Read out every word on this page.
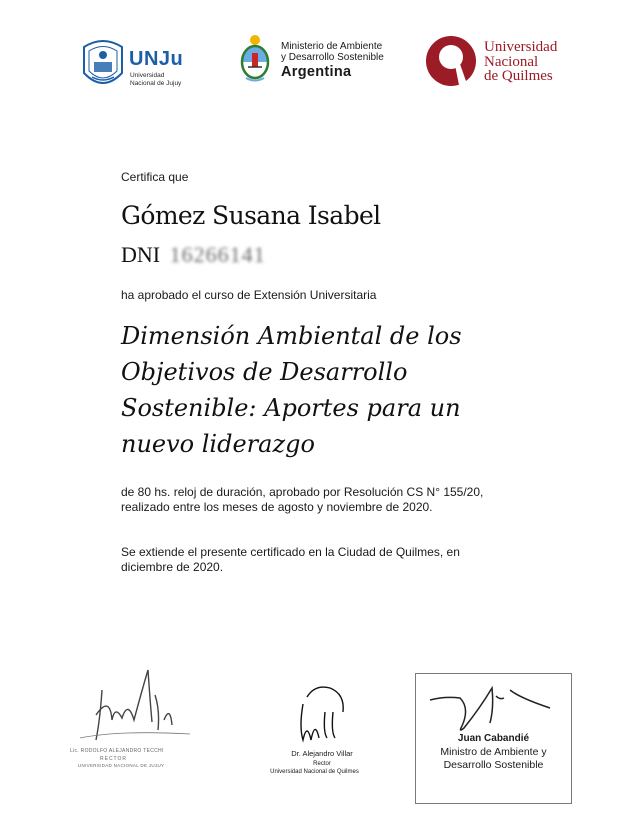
UNJu
Universidad
Nacional de Jujuy
Ministerio de Ambiente
y Desarrollo Sostenible
Argentina
Universidad
Nacional
de Quilmes
Certifica que
Gómez Susana Isabel
DNI 16266141
ha aprobado el curso de Extensión Universitaria
Dimensión Ambiental de los Objetivos de Desarrollo Sostenible: Aportes para un nuevo liderazgo
de 80 hs. reloj de duración, aprobado por Resolución CS N° 155/20, realizado entre los meses de agosto y noviembre de 2020.
Se extiende el presente certificado en la Ciudad de Quilmes, en diciembre de 2020.
Lic. RODOLFO ALEJANDRO TECCHI
RECTOR
UNIVERSIDAD NACIONAL DE JUJUY
Dr. Alejandro Villar
Rector
Universidad Nacional de Quilmes
Juan Cabandié
Ministro de Ambiente y
Desarrollo Sostenible
